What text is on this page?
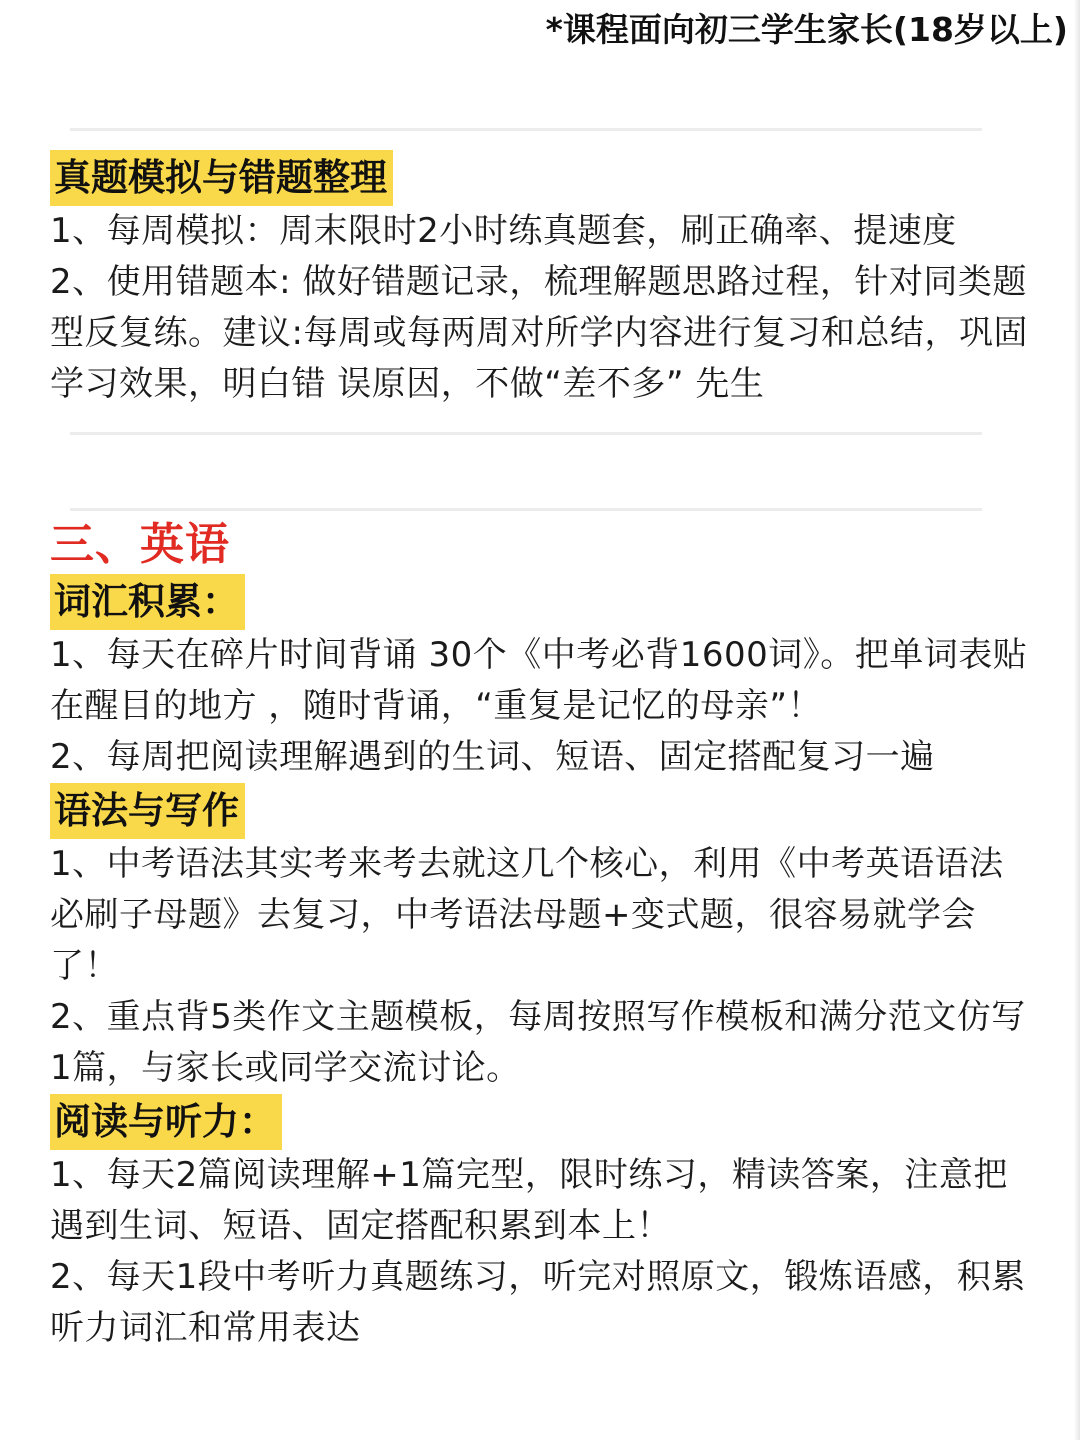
*课程面向初三学生家长(18岁以上)
真题模拟与错题整理

1、每周模拟：周末限时2小时练真题套，刷正确率、提速度

2、使用错题本: 做好错题记录，梳理解题思路过程，针对同类题型反复练。建议:每周或每两周对所学内容进行复习和总结，巩固学习效果，明白错 误原因，不做“差不多” 先生

三、英语
词汇积累：

1、每天在碎片时间背诵 30个《中考必背1600词》。把单词表贴在醒目的地方 ，随时背诵，“重复是记忆的母亲”！

2、每周把阅读理解遇到的生词、短语、固定搭配复习一遍

语法与写作

1、中考语法其实考来考去就这几个核心，利用《中考英语语法必刷子母题》去复习，中考语法母题+变式题，很容易就学会了！

2、重点背5类作文主题模板，每周按照写作模板和满分范文仿写1篇，与家长或同学交流讨论。

阅读与听力：

1、每天2篇阅读理解+1篇完型，限时练习，精读答案，注意把遇到生词、短语、固定搭配积累到本上！

2、每天1段中考听力真题练习，听完对照原文，锻炼语感，积累听力词汇和常用表达
